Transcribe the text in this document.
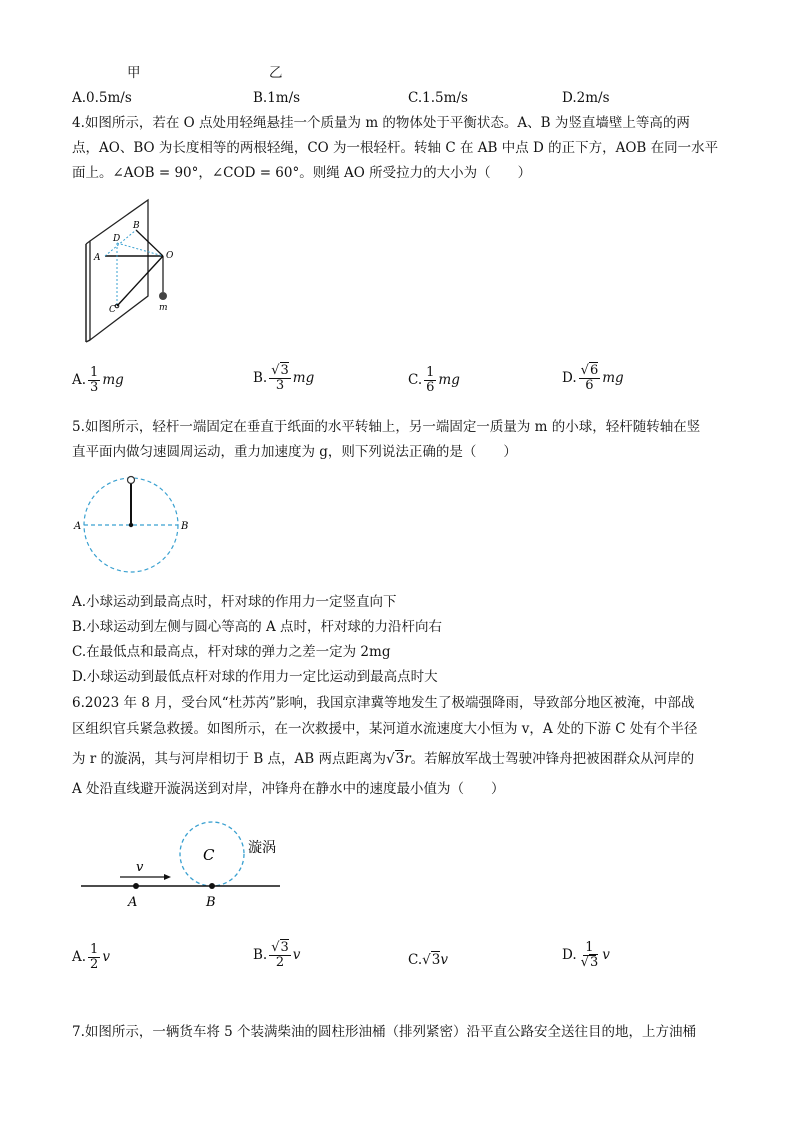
甲	乙
A.0.5m/s	B.1m/s	C.1.5m/s	D.2m/s
4.如图所示，若在 O 点处用轻绳悬挂一个质量为 m 的物体处于平衡状态。A、B 为竖直墙壁上等高的两
点，AO、BO 为长度相等的两根轻绳，CO 为一根轻杆。转轴 C 在 AB 中点 D 的正下方，AOB 在同一水平
面上。∠AOB = 90°，∠COD = 60°。则绳 AO 所受拉力的大小为（　　）
A
B
C
D
O
m
A. $\frac{1}{3}$ mg	B. $\frac{√3}{3}$ mg	C. $\frac{1}{6}$ mg	D. $\frac{√6}{6}$ mg
5.如图所示，轻杆一端固定在垂直于纸面的水平转轴上，另一端固定一质量为 m 的小球，轻杆随转轴在竖
直平面内做匀速圆周运动，重力加速度为 g，则下列说法正确的是（　　）
A	B
A.小球运动到最高点时，杆对球的作用力一定竖直向下
B.小球运动到左侧与圆心等高的 A 点时，杆对球的力沿杆向右
C.在最低点和最高点，杆对球的弹力之差一定为 2mg
D.小球运动到最低点杆对球的作用力一定比运动到最高点时大
6.2023 年 8 月，受台风“杜苏芮”影响，我国京津冀等地发生了极端强降雨，导致部分地区被淹，中部战
区组织官兵紧急救援。如图所示，在一次救援中，某河道水流速度大小恒为 v，A 处的下游 C 处有个半径
为 r 的漩涡，其与河岸相切于 B 点，AB 两点距离为√3r。若解放军战士驾驶冲锋舟把被困群众从河岸的
A 处沿直线避开漩涡送到对岸，冲锋舟在静水中的速度最小值为（　　）
v
C 漩涡
A	B
A. $\frac{1}{2}$ v	B. $\frac{√3}{2}$ v	C.√3v	D. $\frac{1}{√3}$ v
7.如图所示，一辆货车将 5 个装满柴油的圆柱形油桶（排列紧密）沿平直公路安全送往目的地，上方油桶
